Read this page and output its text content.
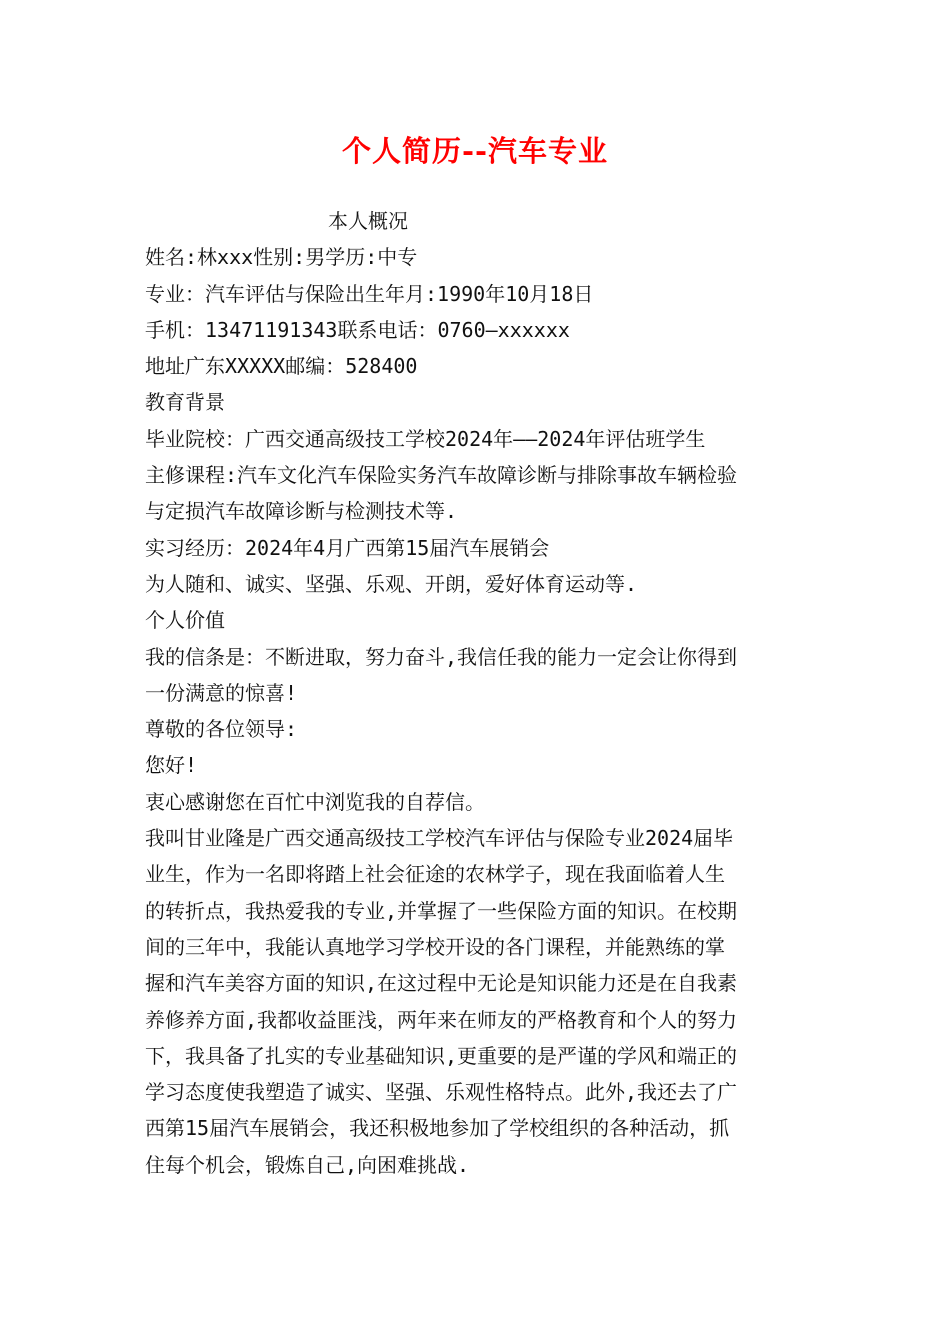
个人简历--汽车专业
本人概况
姓名:林xxx性别:男学历:中专
专业：汽车评估与保险出生年月:1990年10月18日
手机：13471191343联系电话：0760—xxxxxx
地址广东XXXXX邮编：528400
教育背景
毕业院校：广西交通高级技工学校2024年——2024年评估班学生
主修课程:汽车文化汽车保险实务汽车故障诊断与排除事故车辆检验
与定损汽车故障诊断与检测技术等.
实习经历：2024年4月广西第15届汽车展销会
为人随和、诚实、坚强、乐观、开朗，爱好体育运动等.
个人价值
我的信条是：不断进取，努力奋斗,我信任我的能力一定会让你得到
一份满意的惊喜!
尊敬的各位领导:
您好!
衷心感谢您在百忙中浏览我的自荐信。
我叫甘业隆是广西交通高级技工学校汽车评估与保险专业2024届毕
业生，作为一名即将踏上社会征途的农林学子，现在我面临着人生
的转折点，我热爱我的专业,并掌握了一些保险方面的知识。在校期
间的三年中，我能认真地学习学校开设的各门课程，并能熟练的掌
握和汽车美容方面的知识,在这过程中无论是知识能力还是在自我素
养修养方面,我都收益匪浅，两年来在师友的严格教育和个人的努力
下，我具备了扎实的专业基础知识,更重要的是严谨的学风和端正的
学习态度使我塑造了诚实、坚强、乐观性格特点。此外,我还去了广
西第15届汽车展销会，我还积极地参加了学校组织的各种活动，抓
住每个机会，锻炼自己,向困难挑战.
